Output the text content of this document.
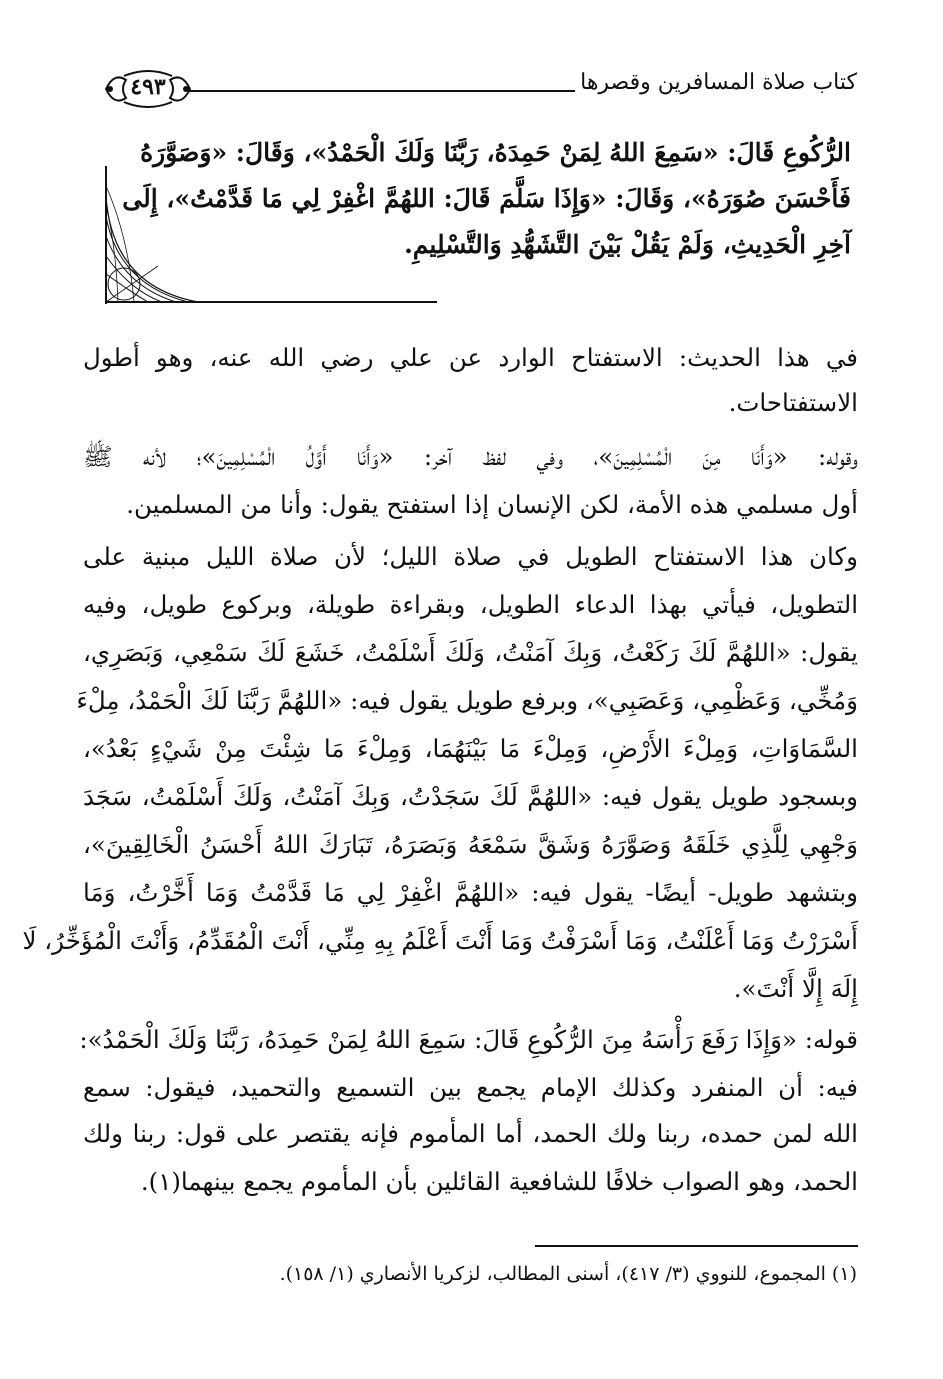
كتاب صلاة المسافرين وقصرها
٤٩٣
الرُّكُوعِ قَالَ: «سَمِعَ اللهُ لِمَنْ حَمِدَهُ، رَبَّنَا وَلَكَ الْحَمْدُ»، وَقَالَ: «وَصَوَّرَهُ
فَأَحْسَنَ صُوَرَهُ»، وَقَالَ: «وَإِذَا سَلَّمَ قَالَ: اللهُمَّ اغْفِرْ لِي مَا قَدَّمْتُ»، إِلَى
آخِرِ الْحَدِيثِ، وَلَمْ يَقُلْ بَيْنَ التَّشَهُّدِ وَالتَّسْلِيمِ.
في هذا الحديث: الاستفتاح الوارد عن علي رضي الله عنه، وهو أطول
الاستفتاحات.
وقوله: «وَأَنَا مِنَ الْمُسْلِمِينَ»، وفي لفظ آخر: «وَأَنَا أَوَّلُ الْمُسْلِمِينَ»؛ لأنه ﷺ
أول مسلمي هذه الأمة، لكن الإنسان إذا استفتح يقول: وأنا من المسلمين.
وكان هذا الاستفتاح الطويل في صلاة الليل؛ لأن صلاة الليل مبنية على
التطويل، فيأتي بهذا الدعاء الطويل، وبقراءة طويلة، وبركوع طويل، وفيه
يقول: «اللهُمَّ لَكَ رَكَعْتُ، وَبِكَ آمَنْتُ، وَلَكَ أَسْلَمْتُ، خَشَعَ لَكَ سَمْعِي، وَبَصَرِي،
وَمُخِّي، وَعَظْمِي، وَعَصَبِي»، وبرفع طويل يقول فيه: «اللهُمَّ رَبَّنَا لَكَ الْحَمْدُ، مِلْءَ
السَّمَاوَاتِ، وَمِلْءَ الأَرْضِ، وَمِلْءَ مَا بَيْنَهُمَا، وَمِلْءَ مَا شِئْتَ مِنْ شَيْءٍ بَعْدُ»،
وبسجود طويل يقول فيه: «اللهُمَّ لَكَ سَجَدْتُ، وَبِكَ آمَنْتُ، وَلَكَ أَسْلَمْتُ، سَجَدَ
وَجْهِي لِلَّذِي خَلَقَهُ وَصَوَّرَهُ وَشَقَّ سَمْعَهُ وَبَصَرَهُ، تَبَارَكَ اللهُ أَحْسَنُ الْخَالِقِينَ»،
وبتشهد طويل- أيضًا- يقول فيه: «اللهُمَّ اغْفِرْ لِي مَا قَدَّمْتُ وَمَا أَخَّرْتُ، وَمَا
أَسْرَرْتُ وَمَا أَعْلَنْتُ، وَمَا أَسْرَفْتُ وَمَا أَنْتَ أَعْلَمُ بِهِ مِنِّي، أَنْتَ الْمُقَدِّمُ، وَأَنْتَ الْمُؤَخِّرُ، لَا
إِلَهَ إِلَّا أَنْتَ».
قوله: «وَإِذَا رَفَعَ رَأْسَهُ مِنَ الرُّكُوعِ قَالَ: سَمِعَ اللهُ لِمَنْ حَمِدَهُ، رَبَّنَا وَلَكَ الْحَمْدُ»:
فيه: أن المنفرد وكذلك الإمام يجمع بين التسميع والتحميد، فيقول: سمع
الله لمن حمده، ربنا ولك الحمد، أما المأموم فإنه يقتصر على قول: ربنا ولك
الحمد، وهو الصواب خلافًا للشافعية القائلين بأن المأموم يجمع بينهما(١).
(١) المجموع، للنووي (٣/ ٤١٧)، أسنى المطالب، لزكريا الأنصاري (١/ ١٥٨).
